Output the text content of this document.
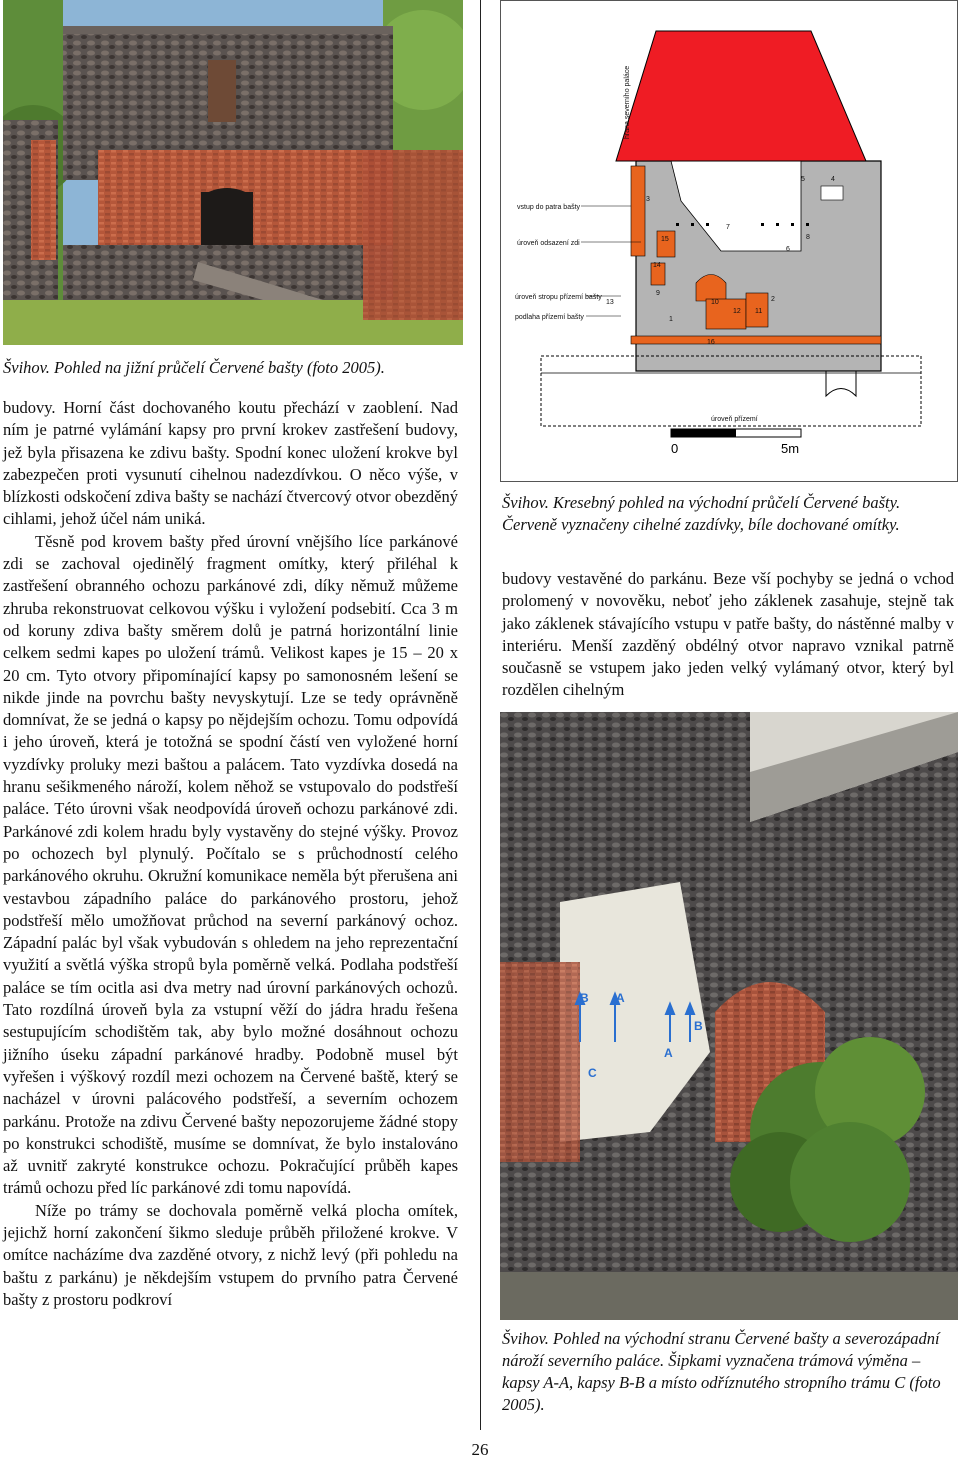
Švihov. Pohled na jižní průčelí Červené bašty (foto 2005).

budovy. Horní část dochovaného koutu přechází v zaoblení. Nad ním je patrné vylámání kapsy pro první krokev zastřešení budovy, jež byla přisazena ke zdivu bašty. Spodní konec uložení krokve byl zabezpečen proti vysunutí cihelnou nadezdívkou. O něco výše, v blízkosti odskočení zdiva bašty se nachází čtvercový otvor obezděný cihlami, jehož účel nám uniká.

Těsně pod krovem bašty před úrovní vnějšího líce parkánové zdi se zachoval ojedinělý fragment omítky, který přiléhal k zastřešení obranného ochozu parkánové zdi, díky němuž můžeme zhruba rekonstruovat celkovou výšku i vyložení podsebití. Cca 3 m od koruny zdiva bašty směrem dolů je patrná horizontální linie celkem sedmi kapes po uložení trámů. Velikost kapes je 15 – 20 x 20 cm. Tyto otvory připomínající kapsy po samonosném lešení se nikde jinde na povrchu bašty nevyskytují. Lze se tedy oprávněně domnívat, že se jedná o kapsy po nějdejším ochozu. Tomu odpovídá i jeho úroveň, která je totožná se spodní částí ven vyložené horní vyzdívky proluky mezi baštou a palácem. Tato vyzdívka dosedá na hranu sešikmeného nároží, kolem něhož se vstupovalo do podstřeší paláce. Této úrovni však neodpovídá úroveň ochozu parkánové zdi. Parkánové zdi kolem hradu byly vystavěny do stejné výšky. Provoz po ochozech byl plynulý. Počítalo se s průchodností celého parkánového okruhu. Okružní komunikace neměla být přerušena ani vestavbou západního paláce do parkánového prostoru, jehož podstřeší mělo umožňovat průchod na severní parkánový ochoz. Západní palác byl však vybudován s ohledem na jeho reprezentační využití a světlá výška stropů byla poměrně velká. Podlaha podstřeší paláce se tím ocitla asi dva metry nad úrovní parkánových ochozů. Tato rozdílná úroveň byla za vstupní věží do jádra hradu řešena sestupujícím schodištěm tak, aby bylo možné dosáhnout ochozu jižního úseku západní parkánové hradby. Podobně musel být vyřešen i výškový rozdíl mezi ochozem na Červené baště, který se nacházel v úrovni palácového podstřeší, a severním ochozem parkánu. Protože na zdivu Červené bašty nepozorujeme žádné stopy po konstrukci schodiště, musíme se domnívat, že bylo instalováno až uvnitř zakryté konstrukce ochozu. Pokračující průběh kapes trámů ochozu před líc parkánové zdi tomu napovídá.

Níže po trámy se dochovala poměrně velká plocha omítek, jejichž horní zakončení šikmo sleduje průběh přiložené krokve. V omítce nacházíme dva zazděné otvory, z nichž levý (při pohledu na baštu z parkánu) je někdejším vstupem do prvního patra Červené bašty z prostoru podkroví

hrana severního paláce
vstup do patra bašty
úroveň odsazení zdi
úroveň stropu přízemí bašty
podlaha přízemí bašty
úroveň přízemí
5	4
3
7
8
15
6
14
13
9
10
12 11
2
1
16
0	5m
Švihov. Kresebný pohled na východní průčelí Červené bašty. Červeně vyznačeny cihelné zazdívky, bíle dochované omítky.

budovy vestavěné do parkánu. Beze vší pochyby se jedná o vchod prolomený v novověku, neboť jeho záklenek zasahuje, stejně tak jako záklenek stávajícího vstupu v patře bašty, do nástěnné malby v interiéru. Menší zazděný obdélný otvor napravo vznikal patrně současně se vstupem jako jeden velký vylámaný otvor, který byl rozdělen cihelným

B A
A
B
C
Švihov. Pohled na východní stranu Červené bašty a severozápadní nároží severního paláce. Šipkami vyznačena trámová výměna – kapsy A-A, kapsy B-B a místo odříznutého stropního trámu C (foto 2005).
26
